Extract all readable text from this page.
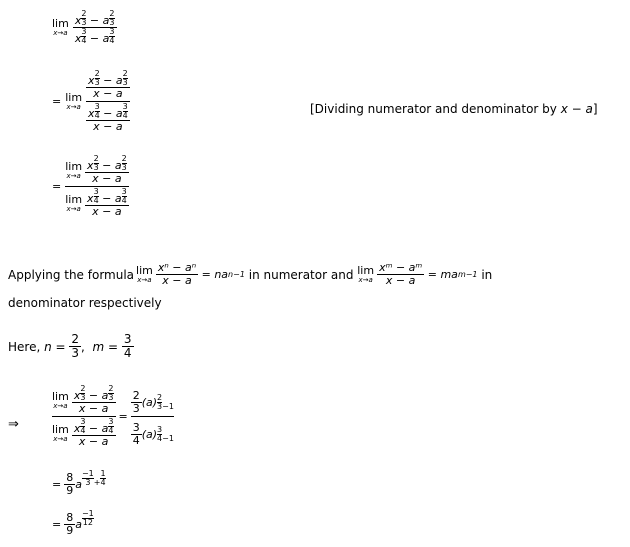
lim
$x\to a \frac{x \frac{2}{3} - a \frac{2}{3}}{x \frac{3}{4} - a \frac{3}{4}}$
= lim
x→a
$\frac{x \frac{2}{3} - a \frac{2}{3}}{x - a}$
$\frac{x \frac{3}{4} - a \frac{3}{4}}{x - a}$	[Dividing numerator and denominator by x − a]
=
lim
$x\to a \frac{x \frac{2}{3} - a \frac{2}{3}}{x - a}$
lim
$x\to a \frac{x \frac{3}{4} - a \frac{3}{4}}{x - a}$
Applying the formula lim
$x\to a \frac{\text{xⁿ − aⁿ}}{x - a}$ = na n−1 in numerator and lim
$x\to a \frac{\text{xᵐ − aᵐ}}{x - a}$ = ma m−1 in
denominator respectively
Here, $n = \frac{2}{3}$ , $m = \frac{3}{4}$
⇒
lim
$x\to a \frac{x \frac{2}{3} - a \frac{2}{3}}{x - a}$
lim
$x\to a \frac{x \frac{3}{4} - a \frac{3}{4}}{x - a}$
=
$\frac{2}{3} (a) \frac{2}{3} -1$
$\frac{3}{4} (a) \frac{3}{4} -1$
= $\frac{8}{9}$ a $\frac{-1}{3} + \frac{1}{4}$
= $\frac{8}{9}$ a $\frac{-1}{12}$
